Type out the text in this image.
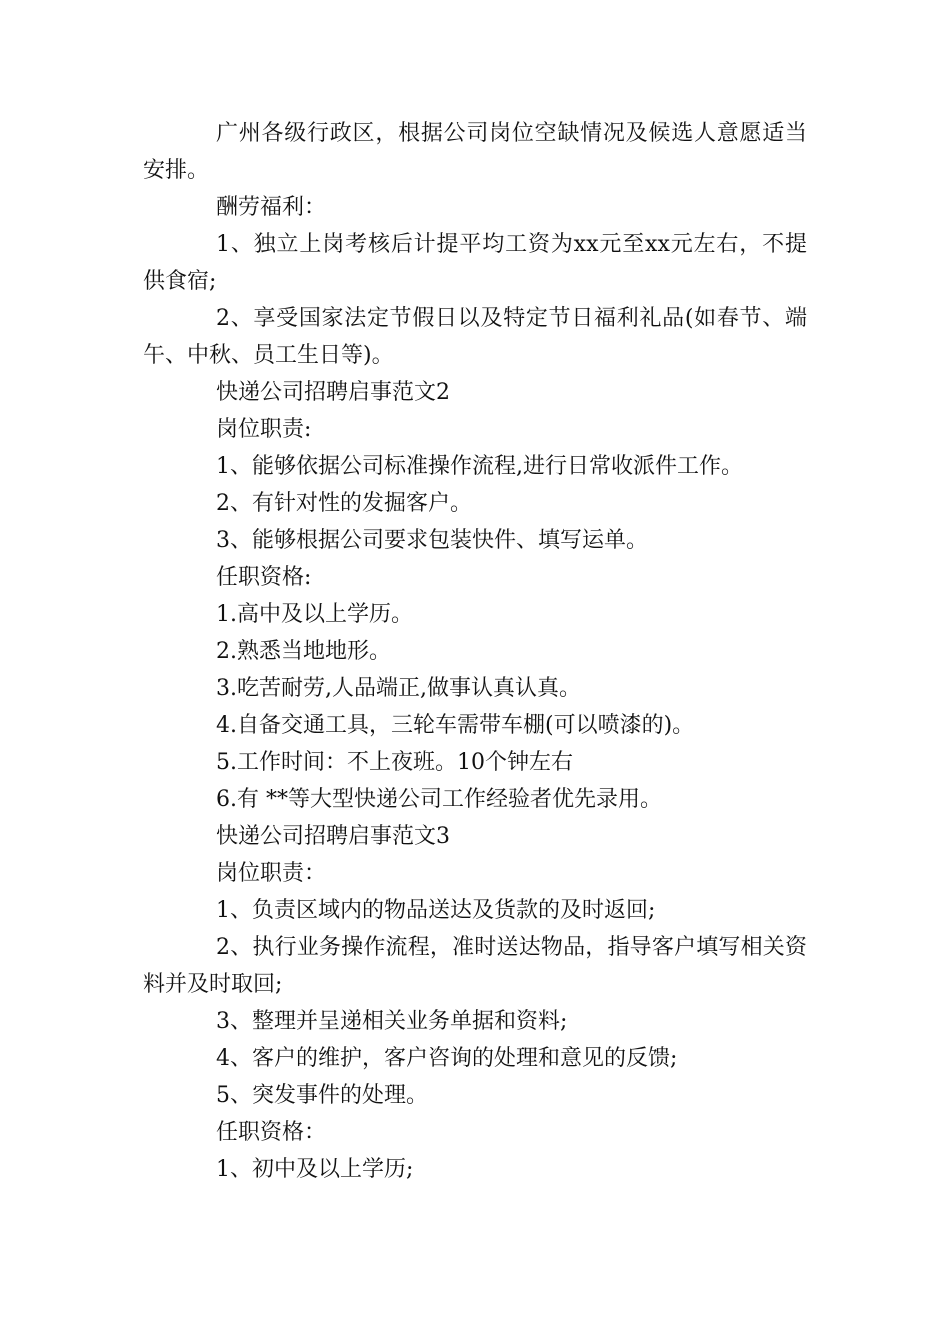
广州各级行政区，根据公司岗位空缺情况及候选人意愿适当安排。

酬劳福利：

1、独立上岗考核后计提平均工资为xx元至xx元左右，不提供食宿;

2、享受国家法定节假日以及特定节日福利礼品(如春节、端午、中秋、员工生日等)。

快递公司招聘启事范文2

岗位职责:

1、能够依据公司标准操作流程,进行日常收派件工作。

2、有针对性的发掘客户。

3、能够根据公司要求包装快件、填写运单。

任职资格:

1.高中及以上学历。

2.熟悉当地地形。

3.吃苦耐劳,人品端正,做事认真认真。

4.自备交通工具，三轮车需带车棚(可以喷漆的)。

5.工作时间：不上夜班。10个钟左右

6.有 **等大型快递公司工作经验者优先录用。

快递公司招聘启事范文3

岗位职责：

1、负责区域内的物品送达及货款的及时返回;

2、执行业务操作流程，准时送达物品，指导客户填写相关资料并及时取回;

3、整理并呈递相关业务单据和资料;

4、客户的维护，客户咨询的处理和意见的反馈;

5、突发事件的处理。

任职资格：

1、初中及以上学历;
